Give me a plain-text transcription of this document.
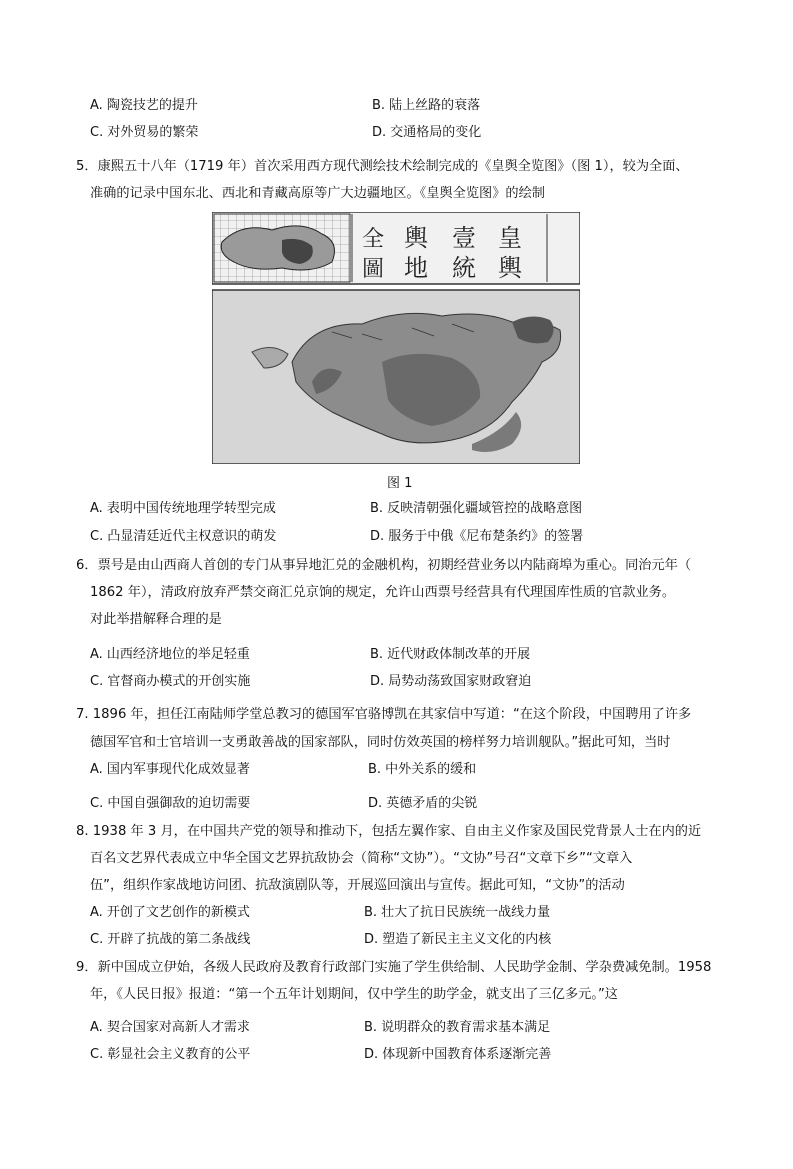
A. 陶瓷技艺的提升	B. 陆上丝路的衰落
C. 对外贸易的繁荣	D. 交通格局的变化
5．康熙五十八年（1719 年）首次采用西方现代测绘技术绘制完成的《皇舆全览图》（图 1），较为全面、
准确的记录中国东北、西北和青藏高原等广大边疆地区。《皇舆全览图》的绘制
全
圖
輿
地
壹
統
皇
輿
图 1
A. 表明中国传统地理学转型完成	B. 反映清朝强化疆域管控的战略意图
C. 凸显清廷近代主权意识的萌发	D. 服务于中俄《尼布楚条约》的签署
6．票号是由山西商人首创的专门从事异地汇兑的金融机构，初期经营业务以内陆商埠为重心。同治元年（
1862 年），清政府放弃严禁交商汇兑京饷的规定，允许山西票号经营具有代理国库性质的官款业务。
对此举措解释合理的是
A. 山西经济地位的举足轻重	B. 近代财政体制改革的开展
C. 官督商办模式的开创实施	D. 局势动荡致国家财政窘迫
7. 1896 年，担任江南陆师学堂总教习的德国军官骆博凯在其家信中写道：“在这个阶段，中国聘用了许多
德国军官和士官培训一支勇敢善战的国家部队，同时仿效英国的榜样努力培训舰队。”据此可知，当时
A. 国内军事现代化成效显著	B. 中外关系的缓和
C. 中国自强御敌的迫切需要	D. 英德矛盾的尖锐
8. 1938 年 3 月，在中国共产党的领导和推动下，包括左翼作家、自由主义作家及国民党背景人士在内的近
百名文艺界代表成立中华全国文艺界抗敌协会（简称“文协”）。“文协”号召“文章下乡”“文章入
伍”，组织作家战地访问团、抗敌演剧队等，开展巡回演出与宣传。据此可知，“文协”的活动
A. 开创了文艺创作的新模式	B. 壮大了抗日民族统一战线力量
C. 开辟了抗战的第二条战线	D. 塑造了新民主主义文化的内核
9．新中国成立伊始，各级人民政府及教育行政部门实施了学生供给制、人民助学金制、学杂费减免制。1958
年，《人民日报》报道：“第一个五年计划期间，仅中学生的助学金，就支出了三亿多元。”这
A. 契合国家对高新人才需求	B. 说明群众的教育需求基本满足
C. 彰显社会主义教育的公平	D. 体现新中国教育体系逐渐完善
